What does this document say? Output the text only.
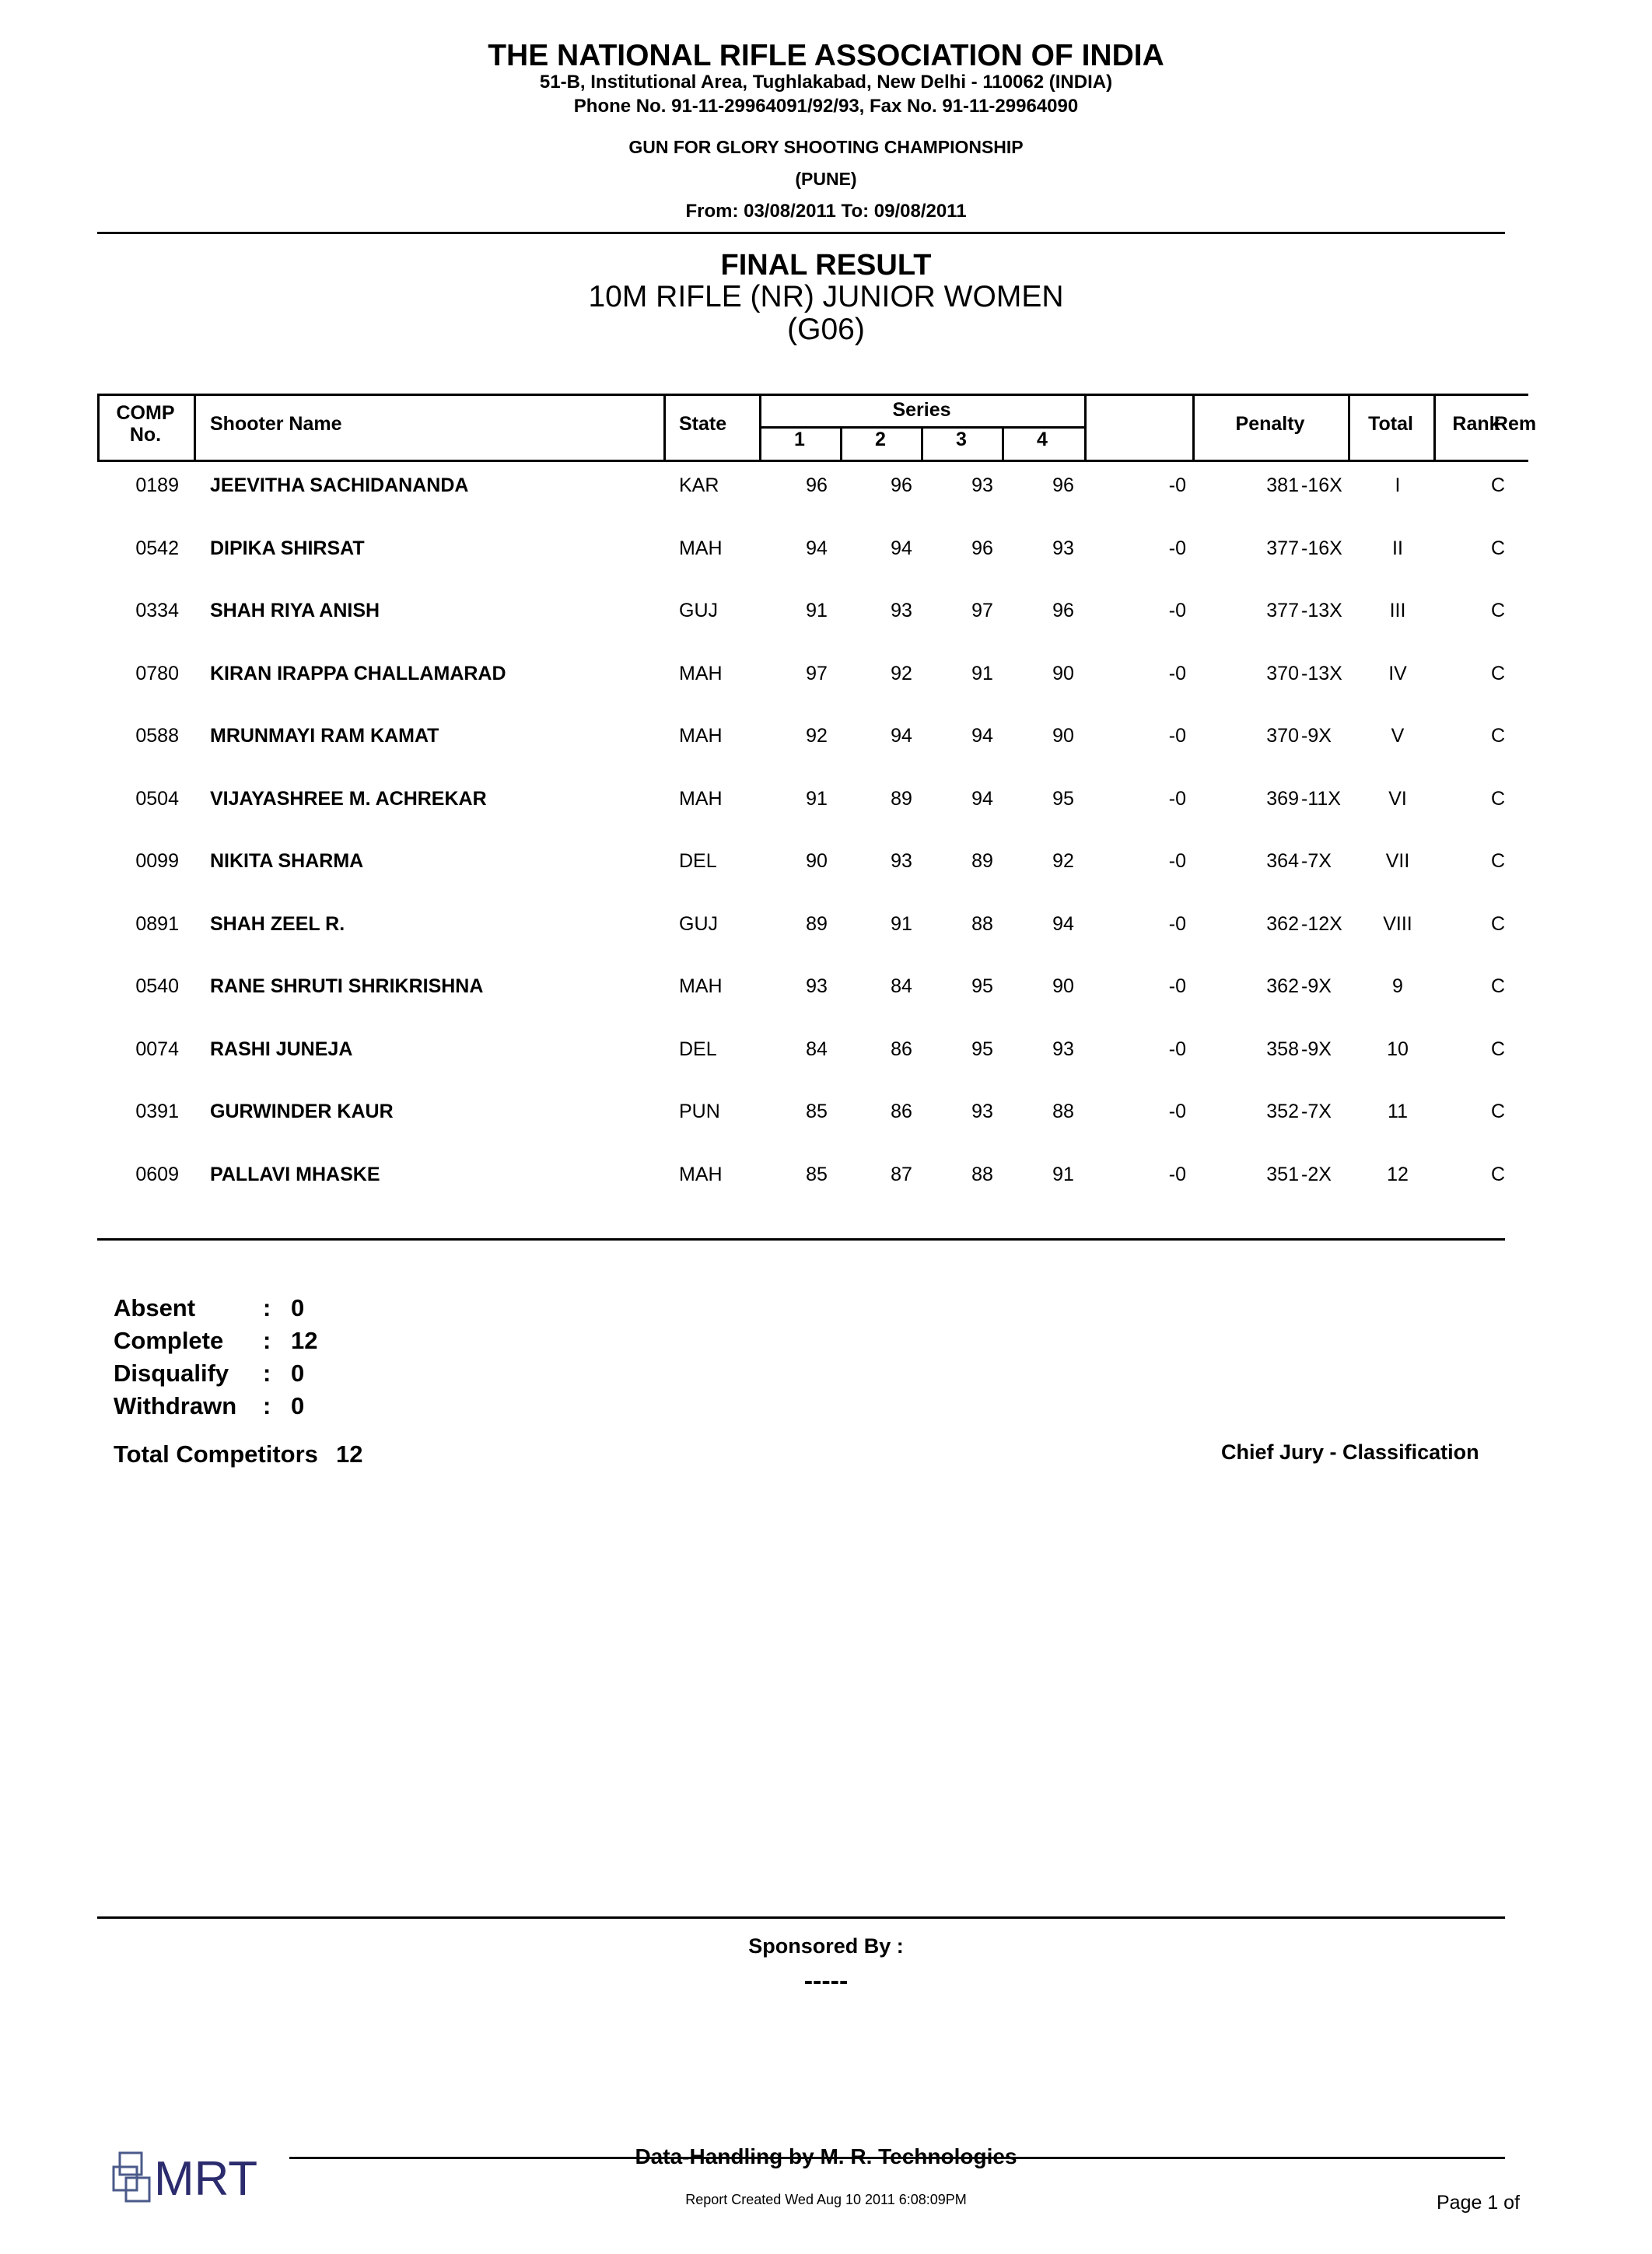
THE NATIONAL RIFLE ASSOCIATION OF INDIA
51-B, Institutional Area, Tughlakabad, New Delhi - 110062 (INDIA)
Phone No. 91-11-29964091/92/93, Fax No. 91-11-29964090
GUN FOR GLORY SHOOTING CHAMPIONSHIP
(PUNE)
From: 03/08/2011 To: 09/08/2011
FINAL RESULT
10M RIFLE (NR) JUNIOR WOMEN
(G06)
COMP
No.	Shooter Name	State
Series
1	2	3	4
Penalty	Total	Rank
Rem
0189 JEEVITHA SACHIDANANDA	KAR	96	96	93	96	-0	381 -16X	I	C
0542 DIPIKA SHIRSAT	MAH	94	94	96	93	-0	377 -16X	II	C
0334 SHAH RIYA ANISH	GUJ	91	93	97	96	-0	377 -13X	III	C
0780 KIRAN IRAPPA CHALLAMARAD	MAH	97	92	91	90	-0	370 -13X	IV	C
0588 MRUNMAYI RAM KAMAT	MAH	92	94	94	90	-0	370 -9X	V	C
0504 VIJAYASHREE M. ACHREKAR	MAH	91	89	94	95	-0	369 -11X	VI	C
0099 NIKITA SHARMA	DEL	90	93	89	92	-0	364 -7X	VII	C
0891 SHAH ZEEL R.	GUJ	89	91	88	94	-0	362 -12X	VIII	C
0540 RANE SHRUTI SHRIKRISHNA	MAH	93	84	95	90	-0	362 -9X	9	C
0074 RASHI JUNEJA	DEL	84	86	95	93	-0	358 -9X	10	C
0391 GURWINDER KAUR	PUN	85	86	93	88	-0	352 -7X	11	C
0609 PALLAVI MHASKE	MAH	85	87	88	91	-0	351 -2X	12	C
Absent	: 0
Complete : 12
Disqualify : 0
Withdrawn : 0
Total Competitors 12	Chief Jury - Classification
Sponsored By :
-----
Data-Handling by M. R. Technologies
Report Created Wed Aug 10 2011 6:08:09PM	Page 1 of
MRT
